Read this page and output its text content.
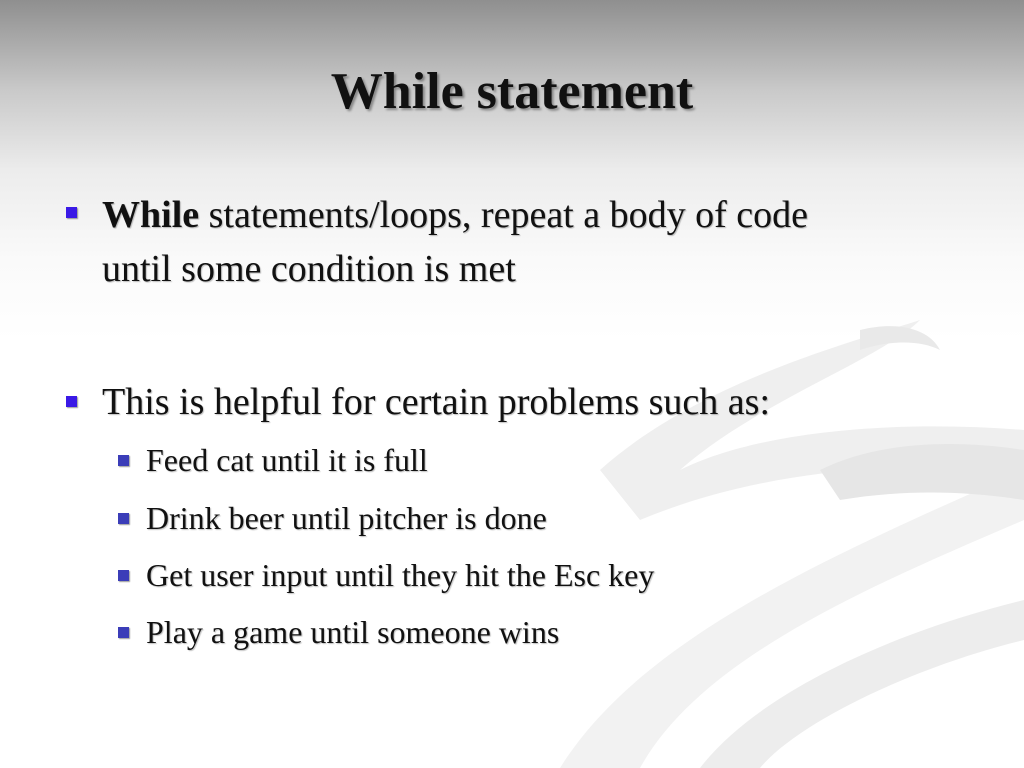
While statement
While statements/loops, repeat a body of code
until some condition is met
This is helpful for certain problems such as:
Feed cat until it is full
Drink beer until pitcher is done
Get user input until they hit the Esc key
Play a game until someone wins
